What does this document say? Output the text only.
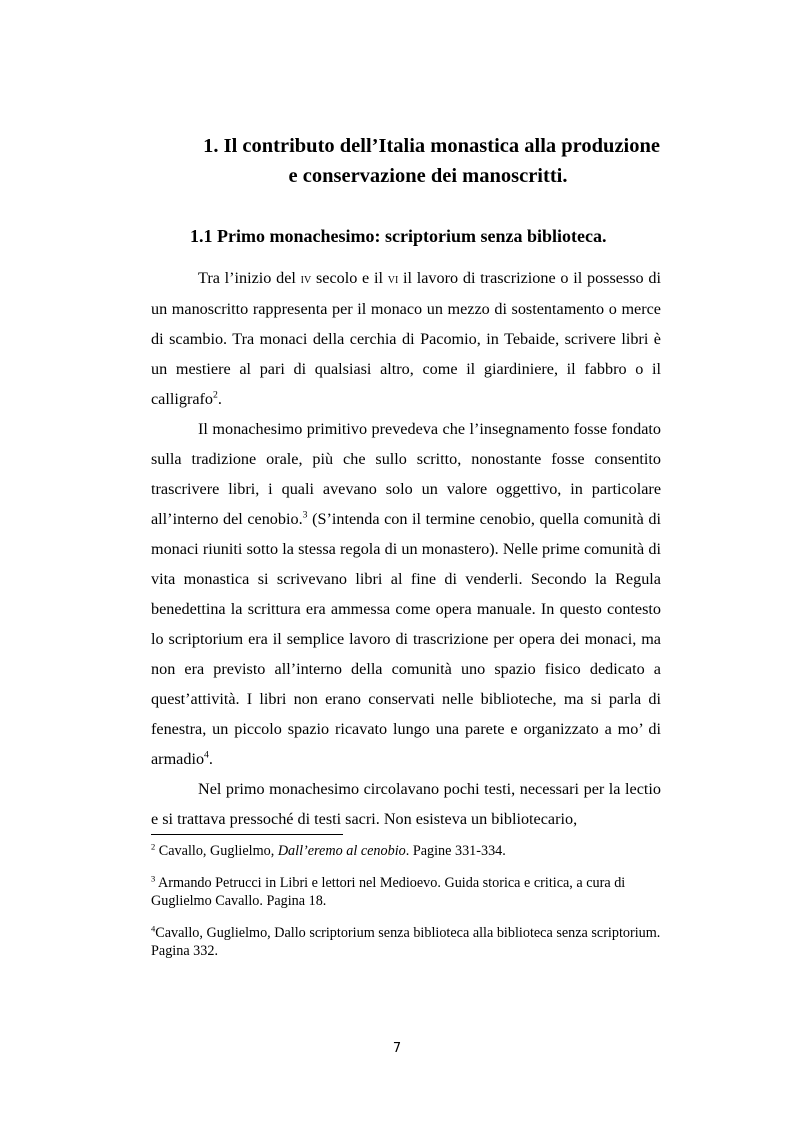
1. Il contributo dell’Italia monastica alla produzione
e conservazione dei manoscritti.
1.1 Primo monachesimo: scriptorium senza biblioteca.

Tra l’inizio del iv secolo e il vi il lavoro di trascrizione o il possesso di un manoscritto rappresenta per il monaco un mezzo di sostentamento o merce di scambio. Tra monaci della cerchia di Pacomio, in Tebaide, scrivere libri è un mestiere al pari di qualsiasi altro, come il giardiniere, il fabbro o il calligrafo$^2$.

Il monachesimo primitivo prevedeva che l’insegnamento fosse fondato sulla tradizione orale, più che sullo scritto, nonostante fosse consentito trascrivere libri, i quali avevano solo un valore oggettivo, in particolare all’interno del cenobio.$^3$ (S’intenda con il termine cenobio, quella comunità di monaci riuniti sotto la stessa regola di un monastero). Nelle prime comunità di vita monastica si scrivevano libri al fine di venderli. Secondo la Regula benedettina la scrittura era ammessa come opera manuale. In questo contesto lo scriptorium era il semplice lavoro di trascrizione per opera dei monaci, ma non era previsto all’interno della comunità uno spazio fisico dedicato a quest’attività. I libri non erano conservati nelle biblioteche, ma si parla di fenestra, un piccolo spazio ricavato lungo una parete e organizzato a mo’ di armadio$^4$.

Nel primo monachesimo circolavano pochi testi, necessari per la lectio e si trattava pressoché di testi sacri. Non esisteva un bibliotecario,

$^2$ Cavallo, Guglielmo, Dall’eremo al cenobio. Pagine 331-334.

$^3$ Armando Petrucci in Libri e lettori nel Medioevo. Guida storica e critica, a cura di Guglielmo Cavallo. Pagina 18.

$^4$Cavallo, Guglielmo, Dallo scriptorium senza biblioteca alla biblioteca senza scriptorium. Pagina 332.

7
